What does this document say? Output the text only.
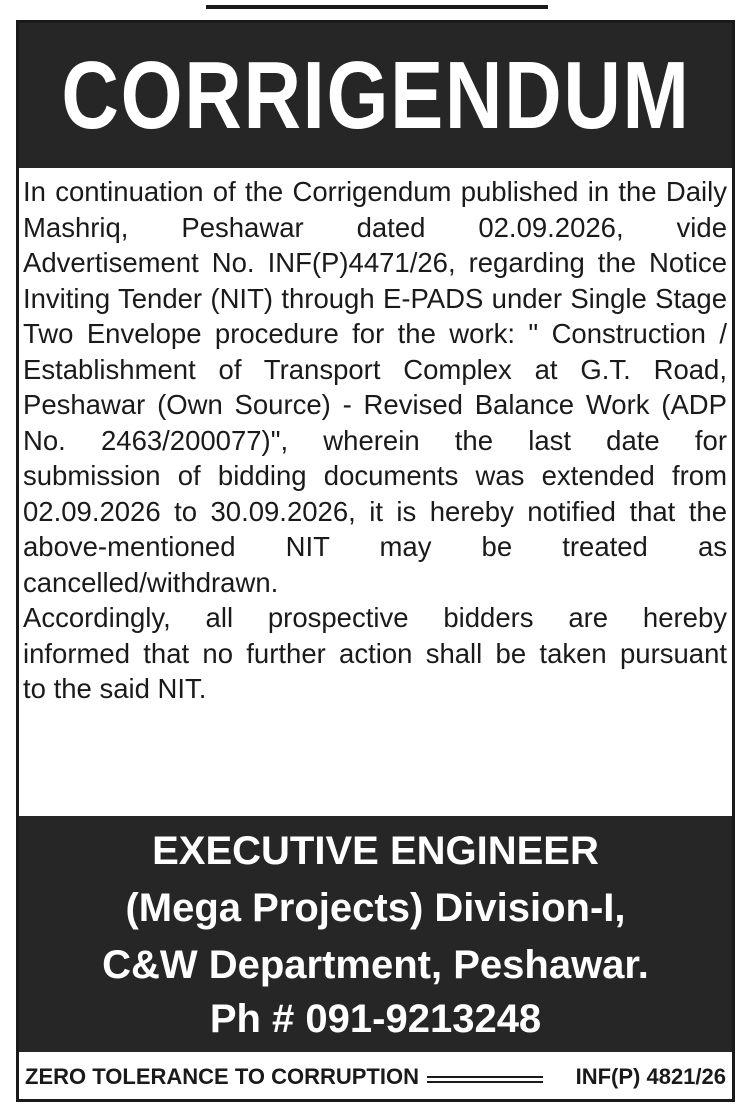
CORRIGENDUM
In continuation of the Corrigendum published in the Daily
Mashriq, Peshawar dated 02.09.2026, vide
Advertisement No. INF(P)4471/26, regarding the Notice
Inviting Tender (NIT) through E-PADS under Single Stage
Two Envelope procedure for the work: " Construction /
Establishment of Transport Complex at G.T. Road,
Peshawar (Own Source) - Revised Balance Work (ADP
No. 2463/200077)", wherein the last date for
submission of bidding documents was extended from
02.09.2026 to 30.09.2026, it is hereby notified that the
above-mentioned NIT may be treated as
cancelled/withdrawn.
Accordingly, all prospective bidders are hereby
informed that no further action shall be taken pursuant
to the said NIT.
EXECUTIVE ENGINEER
(Mega Projects) Division-I,
C&W Department, Peshawar.
Ph # 091-9213248
ZERO TOLERANCE TO CORRUPTION	INF(P) 4821/26
